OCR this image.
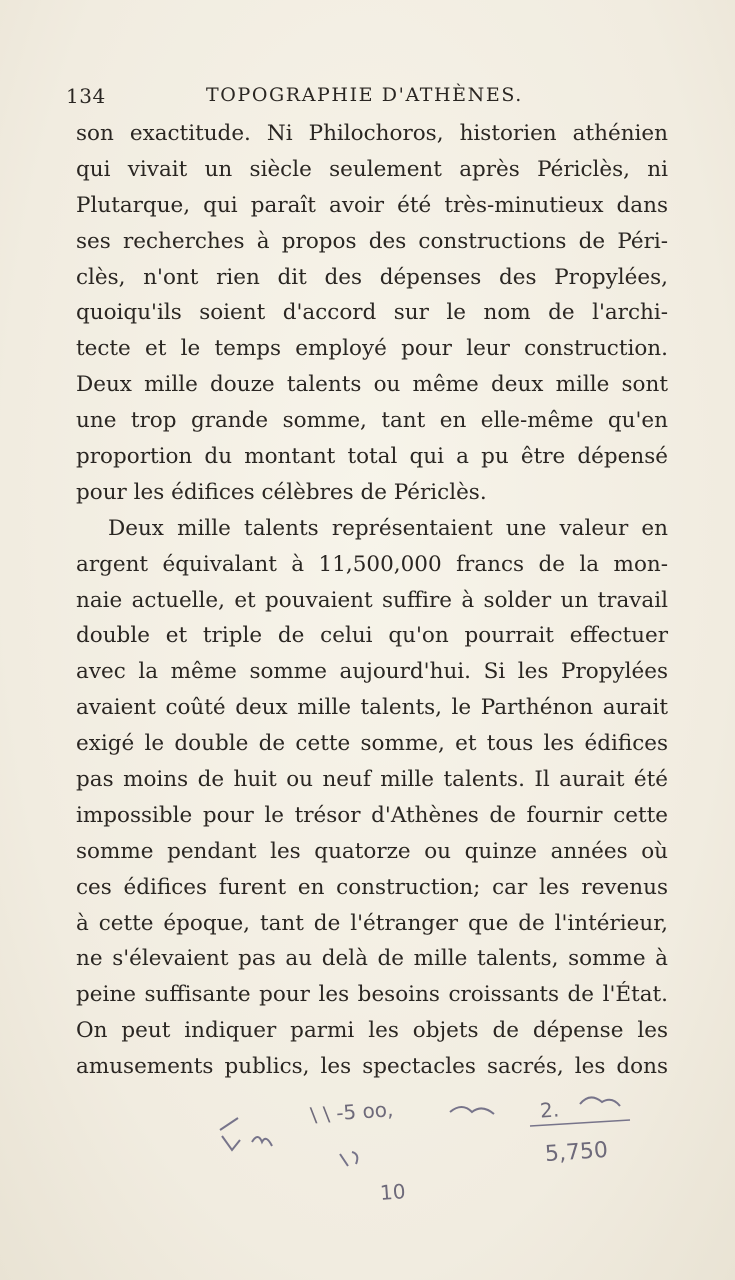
134	TOPOGRAPHIE D'ATHÈNES.
son exactitude. Ni Philochoros, historien athénien
qui vivait un siècle seulement après Périclès, ni
Plutarque, qui paraît avoir été très-minutieux dans
ses recherches à propos des constructions de Péri-
clès, n'ont rien dit des dépenses des Propylées,
quoiqu'ils soient d'accord sur le nom de l'archi-
tecte et le temps employé pour leur construction.
Deux mille douze talents ou même deux mille sont
une trop grande somme, tant en elle-même qu'en
proportion du montant total qui a pu être dépensé
pour les édifices célèbres de Périclès.
Deux mille talents représentaient une valeur en
argent équivalant à 11,500,000 francs de la mon-
naie actuelle, et pouvaient suffire à solder un travail
double et triple de celui qu'on pourrait effectuer
avec la même somme aujourd'hui. Si les Propylées
avaient coûté deux mille talents, le Parthénon aurait
exigé le double de cette somme, et tous les édifices
pas moins de huit ou neuf mille talents. Il aurait été
impossible pour le trésor d'Athènes de fournir cette
somme pendant les quatorze ou quinze années où
ces édifices furent en construction; car les revenus
à cette époque, tant de l'étranger que de l'intérieur,
ne s'élevaient pas au delà de mille talents, somme à
peine suffisante pour les besoins croissants de l'État.
On peut indiquer parmi les objets de dépense les
amusements publics, les spectacles sacrés, les dons
\ \ -5 oo,	2.
5,750
10
